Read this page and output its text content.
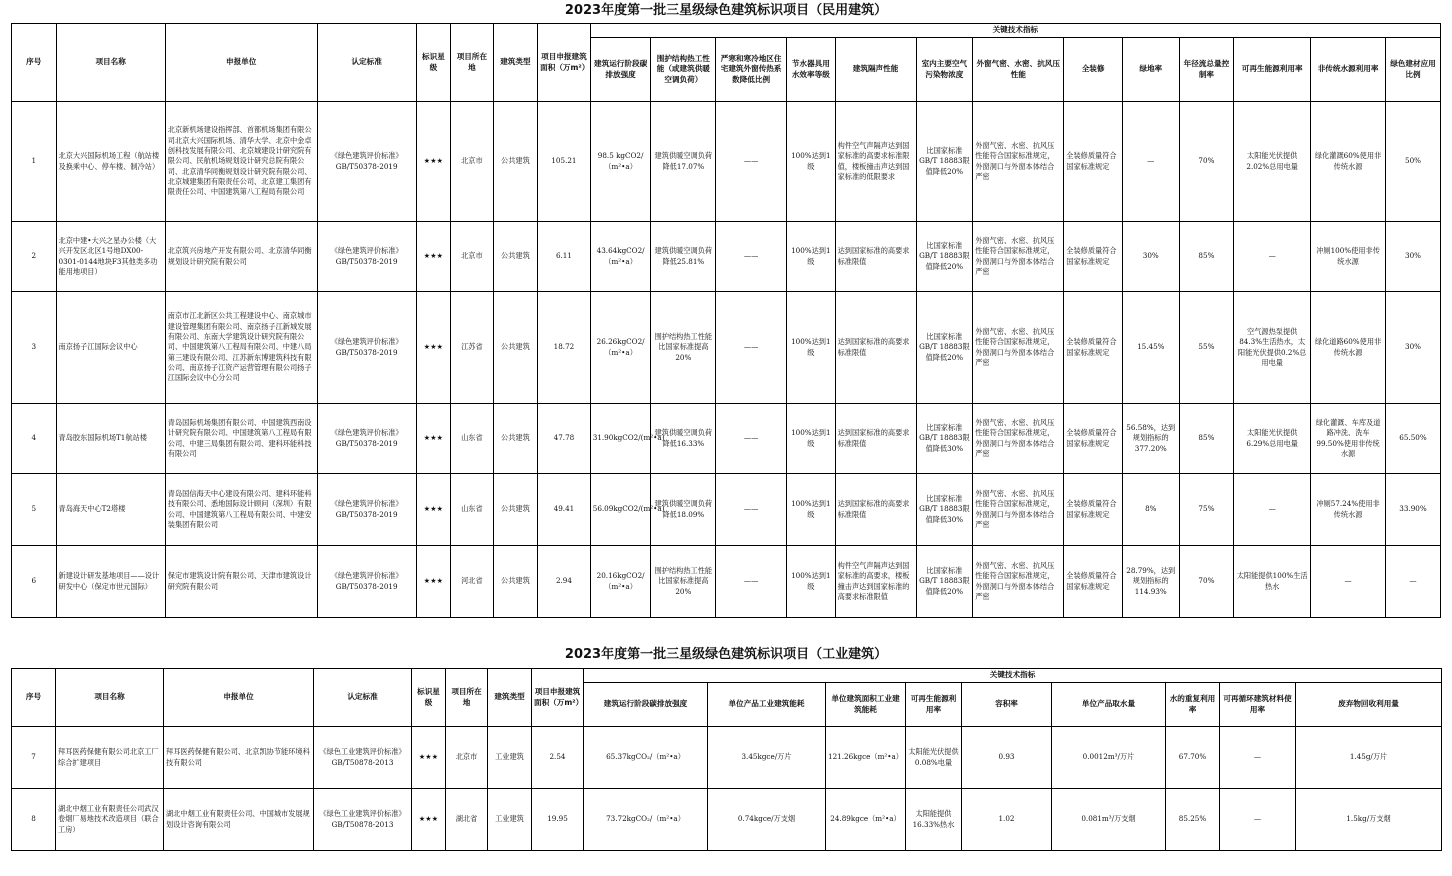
2023年度第一批三星级绿色建筑标识项目（民用建筑）
序号	项目名称	申报单位	认定标准	标识星级	项目所在地	建筑类型	项目申报建筑面积（万m²）	关键技术指标												
								建筑运行阶段碳排放强度	围护结构热工性能（或建筑供暖空调负荷）	严寒和寒冷地区住宅建筑外窗传热系数降低比例	节水器具用水效率等级	建筑隔声性能	室内主要空气污染物浓度	外窗气密、水密、抗风压性能	全装修	绿地率	年径流总量控制率	可再生能源利用率	非传统水源利用率	绿色建材应用比例
1	北京大兴国际机场工程（航站楼及换乘中心、停车楼、制冷站）	北京新机场建设指挥部、首都机场集团有限公司北京大兴国际机场、清华大学、北京中金卓创科技发展有限公司、北京城建设计研究院有限公司、民航机场规划设计研究总院有限公司、北京清华同衡规划设计研究院有限公司、北京城建集团有限责任公司、北京建工集团有限责任公司、中国建筑第八工程局有限公司	《绿色建筑评价标准》GB/T50378-2019	★★★	北京市	公共建筑	105.21	98.5 kgCO2/（m²•a）	建筑供暖空调负荷降低17.07%	——	100%达到1级	构件空气声隔声达到国家标准的高要求标准限值，楼板撞击声达到国家标准的低限要求	比国家标准GB/T 18883限值降低20%	外窗气密、水密、抗风压性能符合国家标准规定，外窗洞口与外窗本体结合严密	全装修质量符合国家标准规定	—	70%	太阳能光伏提供2.02%总用电量	绿化灌溉60%使用非传统水源	50%
2	北京中建•大兴之星办公楼（大兴开发区北区1号地DX00-0301-0144地块F3其他类多功能用地项目）	北京筑兴房地产开发有限公司、北京清华同衡规划设计研究院有限公司	《绿色建筑评价标准》GB/T50378-2019	★★★	北京市	公共建筑	6.11	43.64kgCO2/（m²•a）	建筑供暖空调负荷降低25.81%	——	100%达到1级	达到国家标准的高要求标准限值	比国家标准GB/T 18883限值降低20%	外窗气密、水密、抗风压性能符合国家标准规定，外窗洞口与外窗本体结合严密	全装修质量符合国家标准规定	30%	85%	—	冲厕100%使用非传统水源	30%
3	南京扬子江国际会议中心	南京市江北新区公共工程建设中心、南京城市建设管理集团有限公司、南京扬子江新城发展有限公司、东南大学建筑设计研究院有限公司、中国建筑第八工程局有限公司、中建八局第三建设有限公司、江苏新东博建筑科技有限公司、南京扬子江资产运营管理有限公司扬子江国际会议中心分公司	《绿色建筑评价标准》GB/T50378-2019	★★★	江苏省	公共建筑	18.72	26.26kgCO2/（m²•a）	围护结构热工性能比国家标准提高20%	——	100%达到1级	达到国家标准的高要求标准限值	比国家标准GB/T 18883限值降低20%	外窗气密、水密、抗风压性能符合国家标准规定，外窗洞口与外窗本体结合严密	全装修质量符合国家标准规定	15.45%	55%	空气源热泵提供84.3%生活热水，太阳能光伏提供0.2%总用电量	绿化道路60%使用非传统水源	30%
4	青岛胶东国际机场T1航站楼	青岛国际机场集团有限公司、中国建筑西南设计研究院有限公司、中国建筑第八工程局有限公司、中建三局集团有限公司、建科环能科技有限公司	《绿色建筑评价标准》GB/T50378-2019	★★★	山东省	公共建筑	47.78	31.90kgCO2/(m²•a)	建筑供暖空调负荷降低16.33%	——	100%达到1级	达到国家标准的高要求标准限值	比国家标准GB/T 18883限值降低30%	外窗气密、水密、抗风压性能符合国家标准规定，外窗洞口与外窗本体结合严密	全装修质量符合国家标准规定	56.58%，达到规划指标的377.20%	85%	太阳能光伏提供6.29%总用电量	绿化灌溉、车库及道路冲洗、洗车99.50%使用非传统水源	65.50%
5	青岛海天中心T2塔楼	青岛国信海天中心建设有限公司、建科环能科技有限公司、悉地国际设计顾问（深圳）有限公司、中国建筑第八工程局有限公司、中建安装集团有限公司	《绿色建筑评价标准》GB/T50378-2019	★★★	山东省	公共建筑	49.41	56.09kgCO2/(m²•a)	建筑供暖空调负荷降低18.09%	——	100%达到1级	达到国家标准的高要求标准限值	比国家标准GB/T 18883限值降低30%	外窗气密、水密、抗风压性能符合国家标准规定，外窗洞口与外窗本体结合严密	全装修质量符合国家标准规定	8%	75%	—	冲厕57.24%使用非传统水源	33.90%
6	新建设计研发基地项目——设计研发中心（保定市世元国际）	保定市建筑设计院有限公司、天津市建筑设计研究院有限公司	《绿色建筑评价标准》GB/T50378-2019	★★★	河北省	公共建筑	2.94	20.16kgCO2/（m²•a）	围护结构热工性能比国家标准提高20%	——	100%达到1级	构件空气声隔声达到国家标准的高要求，楼板撞击声达到国家标准的高要求标准限值	比国家标准GB/T 18883限值降低20%	外窗气密、水密、抗风压性能符合国家标准规定，外窗洞口与外窗本体结合严密	全装修质量符合国家标准规定	28.79%，达到规划指标的114.93%	70%	太阳能提供100%生活热水	—	—
2023年度第一批三星级绿色建筑标识项目（工业建筑）
序号	项目名称	申报单位	认定标准	标识星级	项目所在地	建筑类型	项目申报建筑面积（万m²）	关键技术指标								
								建筑运行阶段碳排放强度	单位产品工业建筑能耗	单位建筑面积工业建筑能耗	可再生能源利用率	容积率	单位产品取水量	水的重复利用率	可再循环建筑材料使用率	废弃物回收利用量
7	拜耳医药保健有限公司北京工厂综合扩建项目	拜耳医药保健有限公司、北京凯协节能环境科技有限公司	《绿色工业建筑评价标准》GB/T50878-2013	★★★	北京市	工业建筑	2.54	65.37kgCO₂/（m²•a）	3.45kgce/万片	121.26kgce（m²•a）	太阳能光伏提供0.08%电量	0.93	0.0012m³/万片	67.70%	—	1.45g/万片
8	湖北中烟工业有限责任公司武汉卷烟厂易地技术改造项目（联合工房）	湖北中烟工业有限责任公司、中国城市发展规划设计咨询有限公司	《绿色工业建筑评价标准》GB/T50878-2013	★★★	湖北省	工业建筑	19.95	73.72kgCO₂/（m²•a）	0.74kgce/万支烟	24.89kgce（m²•a）	太阳能提供16.33%热水	1.02	0.081m³/万支烟	85.25%	—	1.5kg/万支烟
